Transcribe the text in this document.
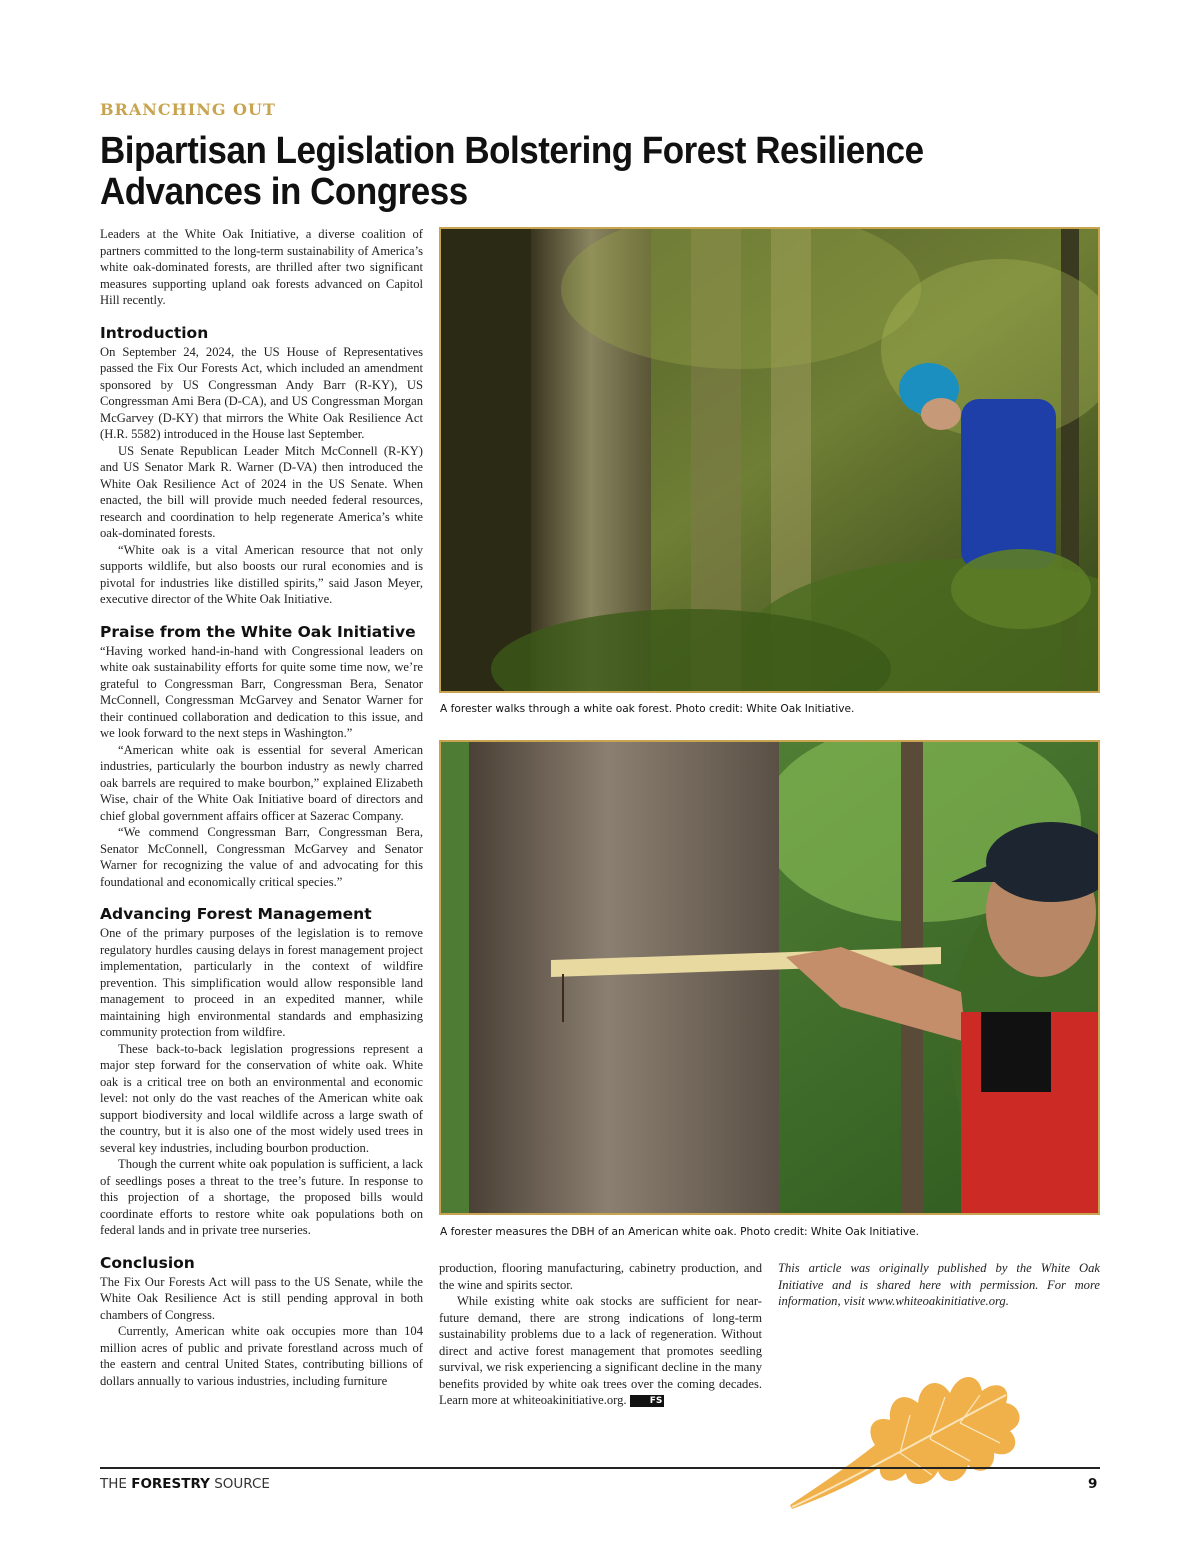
BRANCHING OUT
Bipartisan Legislation Bolstering Forest Resilience Advances in Congress

Leaders at the White Oak Initiative, a diverse coalition of partners committed to the long-term sustainability of America’s white oak-dominated forests, are thrilled after two significant measures supporting upland oak forests advanced on Capitol Hill recently.

Introduction

On September 24, 2024, the US House of Representatives passed the Fix Our Forests Act, which included an amendment sponsored by US Congressman Andy Barr (R-KY), US Congressman Ami Bera (D-CA), and US Congressman Morgan McGarvey (D-KY) that mirrors the White Oak Resilience Act (H.R. 5582) introduced in the House last September.

US Senate Republican Leader Mitch McConnell (R-KY) and US Senator Mark R. Warner (D-VA) then introduced the White Oak Resilience Act of 2024 in the US Senate. When enacted, the bill will provide much needed federal resources, research and coordination to help regenerate America’s white oak-dominated forests.

“White oak is a vital American resource that not only supports wildlife, but also boosts our rural economies and is pivotal for industries like distilled spirits,” said Jason Meyer, executive director of the White Oak Initiative.

Praise from the White Oak Initiative

“Having worked hand-in-hand with Congressional leaders on white oak sustainability efforts for quite some time now, we’re grateful to Congressman Barr, Congressman Bera, Senator McConnell, Congressman McGarvey and Senator Warner for their continued collaboration and dedication to this issue, and we look forward to the next steps in Washington.”

“American white oak is essential for several American industries, particularly the bourbon industry as newly charred oak barrels are required to make bourbon,” explained Elizabeth Wise, chair of the White Oak Initiative board of directors and chief global government affairs officer at Sazerac Company.

“We commend Congressman Barr, Congressman Bera, Senator McConnell, Congressman McGarvey and Senator Warner for recognizing the value of and advocating for this foundational and economically critical species.”

Advancing Forest Management

One of the primary purposes of the legislation is to remove regulatory hurdles causing delays in forest management project implementation, particularly in the context of wildfire prevention. This simplification would allow responsible land management to proceed in an expedited manner, while maintaining high environmental standards and emphasizing community protection from wildfire.

These back-to-back legislation progressions represent a major step forward for the conservation of white oak. White oak is a critical tree on both an environmental and economic level: not only do the vast reaches of the American white oak support biodiversity and local wildlife across a large swath of the country, but it is also one of the most widely used trees in several key industries, including bourbon production.

Though the current white oak population is sufficient, a lack of seedlings poses a threat to the tree’s future. In response to this projection of a shortage, the proposed bills would coordinate efforts to restore white oak populations both on federal lands and in private tree nurseries.

Conclusion

The Fix Our Forests Act will pass to the US Senate, while the White Oak Resilience Act is still pending approval in both chambers of Congress.

Currently, American white oak occupies more than 104 million acres of public and private forestland across much of the eastern and central United States, contributing billions of dollars annually to various industries, including furniture

A forester walks through a white oak forest. Photo credit: White Oak Initiative.
A forester measures the DBH of an American white oak. Photo credit: White Oak Initiative.

production, flooring manufacturing, cabinetry production, and the wine and spirits sector.

While existing white oak stocks are sufficient for near-future demand, there are strong indications of long-term sustainability problems due to a lack of regeneration. Without direct and active forest management that promotes seedling survival, we risk experiencing a significant decline in the many benefits provided by white oak trees over the coming decades. Learn more at whiteoakinitiative.org.	FS

This article was originally published by the White Oak Initiative and is shared here with permission. For more information, visit www.whiteoakinitiative.org.

THE FORESTRY SOURCE	9
